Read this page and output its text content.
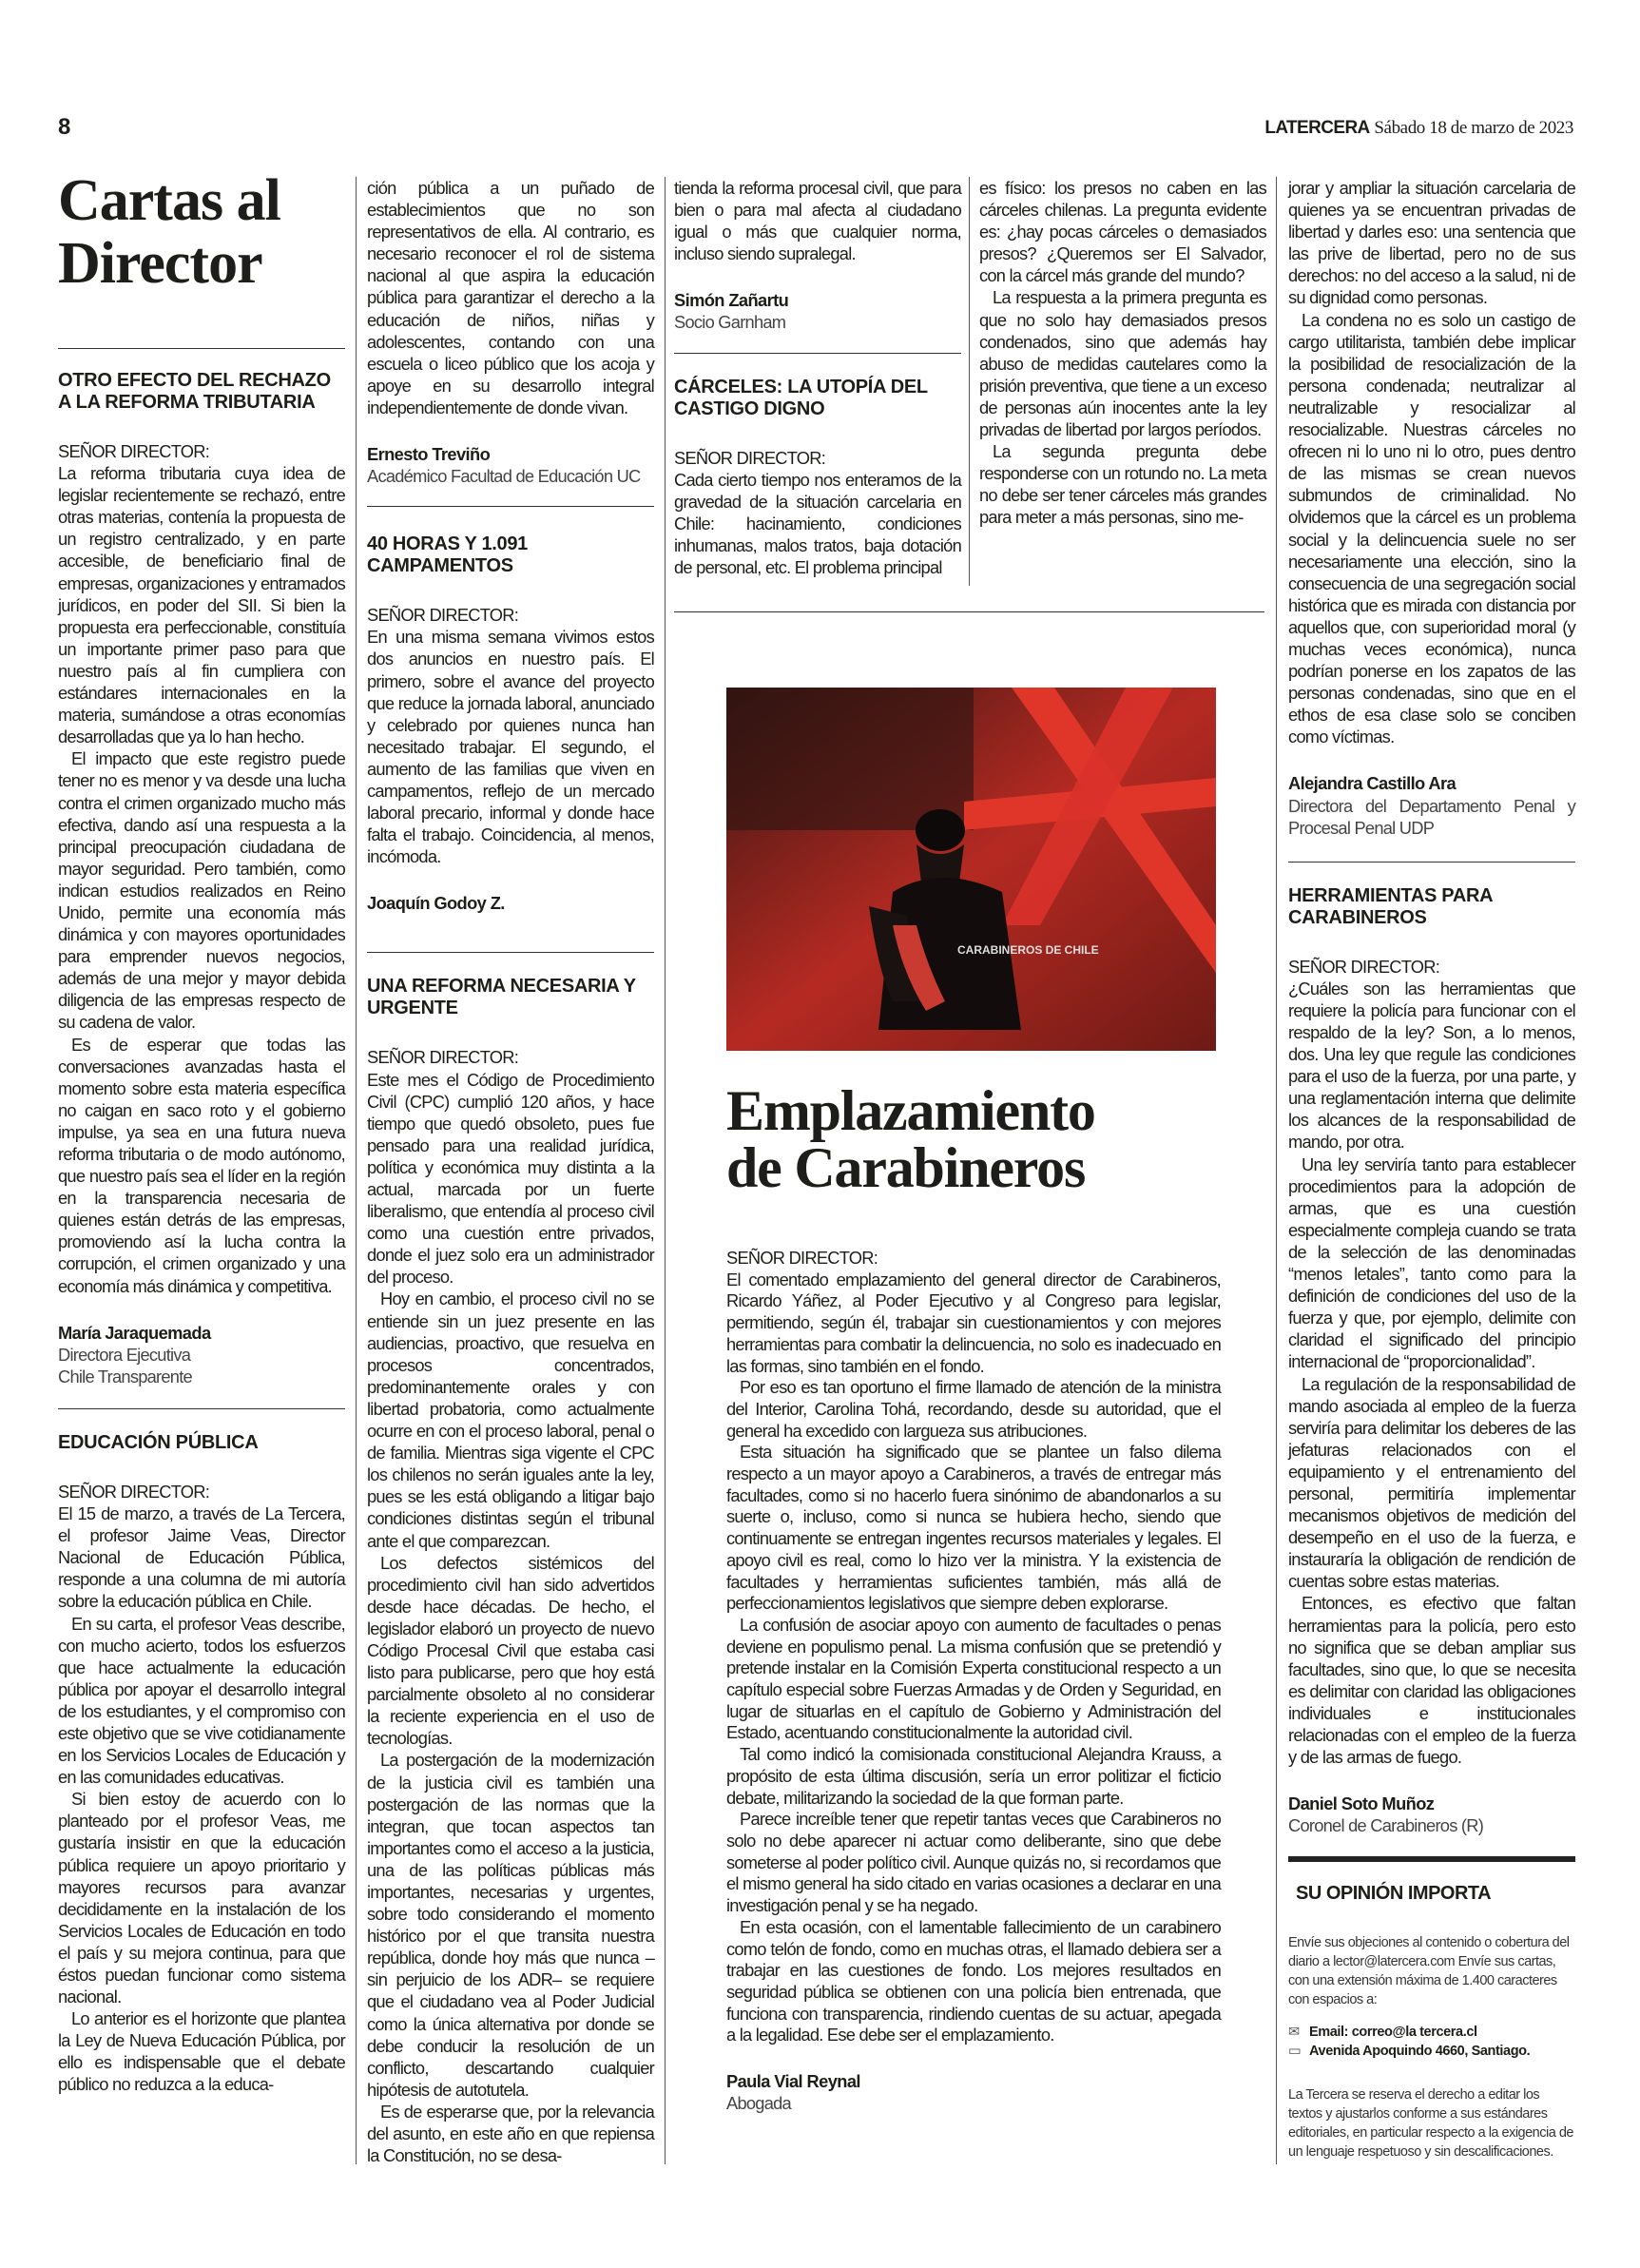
8	LATERCERA Sábado 18 de marzo de 2023
Cartas al Director
OTRO EFECTO DEL RECHAZO A LA REFORMA TRIBUTARIA
SEÑOR DIRECTOR:

La reforma tributaria cuya idea de legislar recientemente se rechazó, entre otras materias, contenía la propuesta de un registro centralizado, y en parte accesible, de beneficiario final de empresas, organizaciones y entramados jurídicos, en poder del SII. Si bien la propuesta era perfeccionable, constituía un importante primer paso para que nuestro país al fin cumpliera con estándares internacionales en la materia, sumándose a otras economías desarrolladas que ya lo han hecho.

El impacto que este registro puede tener no es menor y va desde una lucha contra el crimen organizado mucho más efectiva, dando así una respuesta a la principal preocupación ciudadana de mayor seguridad. Pero también, como indican estudios realizados en Reino Unido, permite una economía más dinámica y con mayores oportunidades para emprender nuevos negocios, además de una mejor y mayor debida diligencia de las empresas respecto de su cadena de valor.

Es de esperar que todas las conversaciones avanzadas hasta el momento sobre esta materia específica no caigan en saco roto y el gobierno impulse, ya sea en una futura nueva reforma tributaria o de modo autónomo, que nuestro país sea el líder en la región en la transparencia necesaria de quienes están detrás de las empresas, promoviendo así la lucha contra la corrupción, el crimen organizado y una economía más dinámica y competitiva.

María Jaraquemada
Directora Ejecutiva
Chile Transparente
EDUCACIÓN PÚBLICA
SEÑOR DIRECTOR:

El 15 de marzo, a través de La Tercera, el profesor Jaime Veas, Director Nacional de Educación Pública, responde a una columna de mi autoría sobre la educación pública en Chile.

En su carta, el profesor Veas describe, con mucho acierto, todos los esfuerzos que hace actualmente la educación pública por apoyar el desarrollo integral de los estudiantes, y el compromiso con este objetivo que se vive cotidianamente en los Servicios Locales de Educación y en las comunidades educativas.

Si bien estoy de acuerdo con lo planteado por el profesor Veas, me gustaría insistir en que la educación pública requiere un apoyo prioritario y mayores recursos para avanzar decididamente en la instalación de los Servicios Locales de Educación en todo el país y su mejora continua, para que éstos puedan funcionar como sistema nacional.

Lo anterior es el horizonte que plantea la Ley de Nueva Educación Pública, por ello es indispensable que el debate público no reduzca a la educa-

ción pública a un puñado de establecimientos que no son representativos de ella. Al contrario, es necesario reconocer el rol de sistema nacional al que aspira la educación pública para garantizar el derecho a la educación de niños, niñas y adolescentes, contando con una escuela o liceo público que los acoja y apoye en su desarrollo integral independientemente de donde vivan.

Ernesto Treviño
Académico Facultad de Educación UC
40 HORAS Y 1.091 CAMPAMENTOS
SEÑOR DIRECTOR:

En una misma semana vivimos estos dos anuncios en nuestro país. El primero, sobre el avance del proyecto que reduce la jornada laboral, anunciado y celebrado por quienes nunca han necesitado trabajar. El segundo, el aumento de las familias que viven en campamentos, reflejo de un mercado laboral precario, informal y donde hace falta el trabajo. Coincidencia, al menos, incómoda.

Joaquín Godoy Z.
UNA REFORMA NECESARIA Y URGENTE
SEÑOR DIRECTOR:

Este mes el Código de Procedimiento Civil (CPC) cumplió 120 años, y hace tiempo que quedó obsoleto, pues fue pensado para una realidad jurídica, política y económica muy distinta a la actual, marcada por un fuerte liberalismo, que entendía al proceso civil como una cuestión entre privados, donde el juez solo era un administrador del proceso.

Hoy en cambio, el proceso civil no se entiende sin un juez presente en las audiencias, proactivo, que resuelva en procesos concentrados, predominantemente orales y con libertad probatoria, como actualmente ocurre en con el proceso laboral, penal o de familia. Mientras siga vigente el CPC los chilenos no serán iguales ante la ley, pues se les está obligando a litigar bajo condiciones distintas según el tribunal ante el que comparezcan.

Los defectos sistémicos del procedimiento civil han sido advertidos desde hace décadas. De hecho, el legislador elaboró un proyecto de nuevo Código Procesal Civil que estaba casi listo para publicarse, pero que hoy está parcialmente obsoleto al no considerar la reciente experiencia en el uso de tecnologías.

La postergación de la modernización de la justicia civil es también una postergación de las normas que la integran, que tocan aspectos tan importantes como el acceso a la justicia, una de las políticas públicas más importantes, necesarias y urgentes, sobre todo considerando el momento histórico por el que transita nuestra república, donde hoy más que nunca –sin perjuicio de los ADR– se requiere que el ciudadano vea al Poder Judicial como la única alternativa por donde se debe conducir la resolución de un conflicto, descartando cualquier hipótesis de autotutela.

Es de esperarse que, por la relevancia del asunto, en este año en que repiensa la Constitución, no se desa-

tienda la reforma procesal civil, que para bien o para mal afecta al ciudadano igual o más que cualquier norma, incluso siendo supralegal.

Simón Zañartu
Socio Garnham
CÁRCELES: LA UTOPÍA DEL CASTIGO DIGNO
SEÑOR DIRECTOR:

Cada cierto tiempo nos enteramos de la gravedad de la situación carcelaria en Chile: hacinamiento, condiciones inhumanas, malos tratos, baja dotación de personal, etc. El problema principal

es físico: los presos no caben en las cárceles chilenas. La pregunta evidente es: ¿hay pocas cárceles o demasiados presos? ¿Queremos ser El Salvador, con la cárcel más grande del mundo?

La respuesta a la primera pregunta es que no solo hay demasiados presos condenados, sino que además hay abuso de medidas cautelares como la prisión preventiva, que tiene a un exceso de personas aún inocentes ante la ley privadas de libertad por largos períodos.

La segunda pregunta debe responderse con un rotundo no. La meta no debe ser tener cárceles más grandes para meter a más personas, sino me-

jorar y ampliar la situación carcelaria de quienes ya se encuentran privadas de libertad y darles eso: una sentencia que las prive de libertad, pero no de sus derechos: no del acceso a la salud, ni de su dignidad como personas.

La condena no es solo un castigo de cargo utilitarista, también debe implicar la posibilidad de resocialización de la persona condenada; neutralizar al neutralizable y resocializar al resocializable. Nuestras cárceles no ofrecen ni lo uno ni lo otro, pues dentro de las mismas se crean nuevos submundos de criminalidad. No olvidemos que la cárcel es un problema social y la delincuencia suele no ser necesariamente una elección, sino la consecuencia de una segregación social histórica que es mirada con distancia por aquellos que, con superioridad moral (y muchas veces económica), nunca podrían ponerse en los zapatos de las personas condenadas, sino que en el ethos de esa clase solo se conciben como víctimas.

Alejandra Castillo Ara
Directora del Departamento Penal y Procesal Penal UDP
HERRAMIENTAS PARA CARABINEROS
SEÑOR DIRECTOR:

¿Cuáles son las herramientas que requiere la policía para funcionar con el respaldo de la ley? Son, a lo menos, dos. Una ley que regule las condiciones para el uso de la fuerza, por una parte, y una reglamentación interna que delimite los alcances de la responsabilidad de mando, por otra.

Una ley serviría tanto para establecer procedimientos para la adopción de armas, que es una cuestión especialmente compleja cuando se trata de la selección de las denominadas “menos letales”, tanto como para la definición de condiciones del uso de la fuerza y que, por ejemplo, delimite con claridad el significado del principio internacional de “proporcionalidad”.

La regulación de la responsabilidad de mando asociada al empleo de la fuerza serviría para delimitar los deberes de las jefaturas relacionados con el equipamiento y el entrenamiento del personal, permitiría implementar mecanismos objetivos de medición del desempeño en el uso de la fuerza, e instauraría la obligación de rendición de cuentas sobre estas materias.

Entonces, es efectivo que faltan herramientas para la policía, pero esto no significa que se deban ampliar sus facultades, sino que, lo que se necesita es delimitar con claridad las obligaciones individuales e institucionales relacionadas con el empleo de la fuerza y de las armas de fuego.

Daniel Soto Muñoz
Coronel de Carabineros (R)
CARABINEROS DE CHILE
Emplazamiento
de Carabineros
SEÑOR DIRECTOR:

El comentado emplazamiento del general director de Carabineros, Ricardo Yáñez, al Poder Ejecutivo y al Congreso para legislar, permitiendo, según él, trabajar sin cuestionamientos y con mejores herramientas para combatir la delincuencia, no solo es inadecuado en las formas, sino también en el fondo.

Por eso es tan oportuno el firme llamado de atención de la ministra del Interior, Carolina Tohá, recordando, desde su autoridad, que el general ha excedido con largueza sus atribuciones.

Esta situación ha significado que se plantee un falso dilema respecto a un mayor apoyo a Carabineros, a través de entregar más facultades, como si no hacerlo fuera sinónimo de abandonarlos a su suerte o, incluso, como si nunca se hubiera hecho, siendo que continuamente se entregan ingentes recursos materiales y legales. El apoyo civil es real, como lo hizo ver la ministra. Y la existencia de facultades y herramientas suficientes también, más allá de perfeccionamientos legislativos que siempre deben explorarse.

La confusión de asociar apoyo con aumento de facultades o penas deviene en populismo penal. La misma confusión que se pretendió y pretende instalar en la Comisión Experta constitucional respecto a un capítulo especial sobre Fuerzas Armadas y de Orden y Seguridad, en lugar de situarlas en el capítulo de Gobierno y Administración del Estado, acentuando constitucionalmente la autoridad civil.

Tal como indicó la comisionada constitucional Alejandra Krauss, a propósito de esta última discusión, sería un error politizar el ficticio debate, militarizando la sociedad de la que forman parte.

Parece increíble tener que repetir tantas veces que Carabineros no solo no debe aparecer ni actuar como deliberante, sino que debe someterse al poder político civil. Aunque quizás no, si recordamos que el mismo general ha sido citado en varias ocasiones a declarar en una investigación penal y se ha negado.

En esta ocasión, con el lamentable fallecimiento de un carabinero como telón de fondo, como en muchas otras, el llamado debiera ser a trabajar en las cuestiones de fondo. Los mejores resultados en seguridad pública se obtienen con una policía bien entrenada, que funciona con transparencia, rindiendo cuentas de su actuar, apegada a la legalidad. Ese debe ser el emplazamiento.

Paula Vial Reynal
Abogada
SU OPINIÓN IMPORTA
Envíe sus objeciones al contenido o cobertura del diario a lector@latercera.com Envíe sus cartas, con una extensión máxima de 1.400 caracteres con espacios a:
✉ Email: correo@la tercera.cl
▭ Avenida Apoquindo 4660, Santiago.
La Tercera se reserva el derecho a editar los textos y ajustarlos conforme a sus estándares editoriales, en particular respecto a la exigencia de un lenguaje respetuoso y sin descalificaciones.
